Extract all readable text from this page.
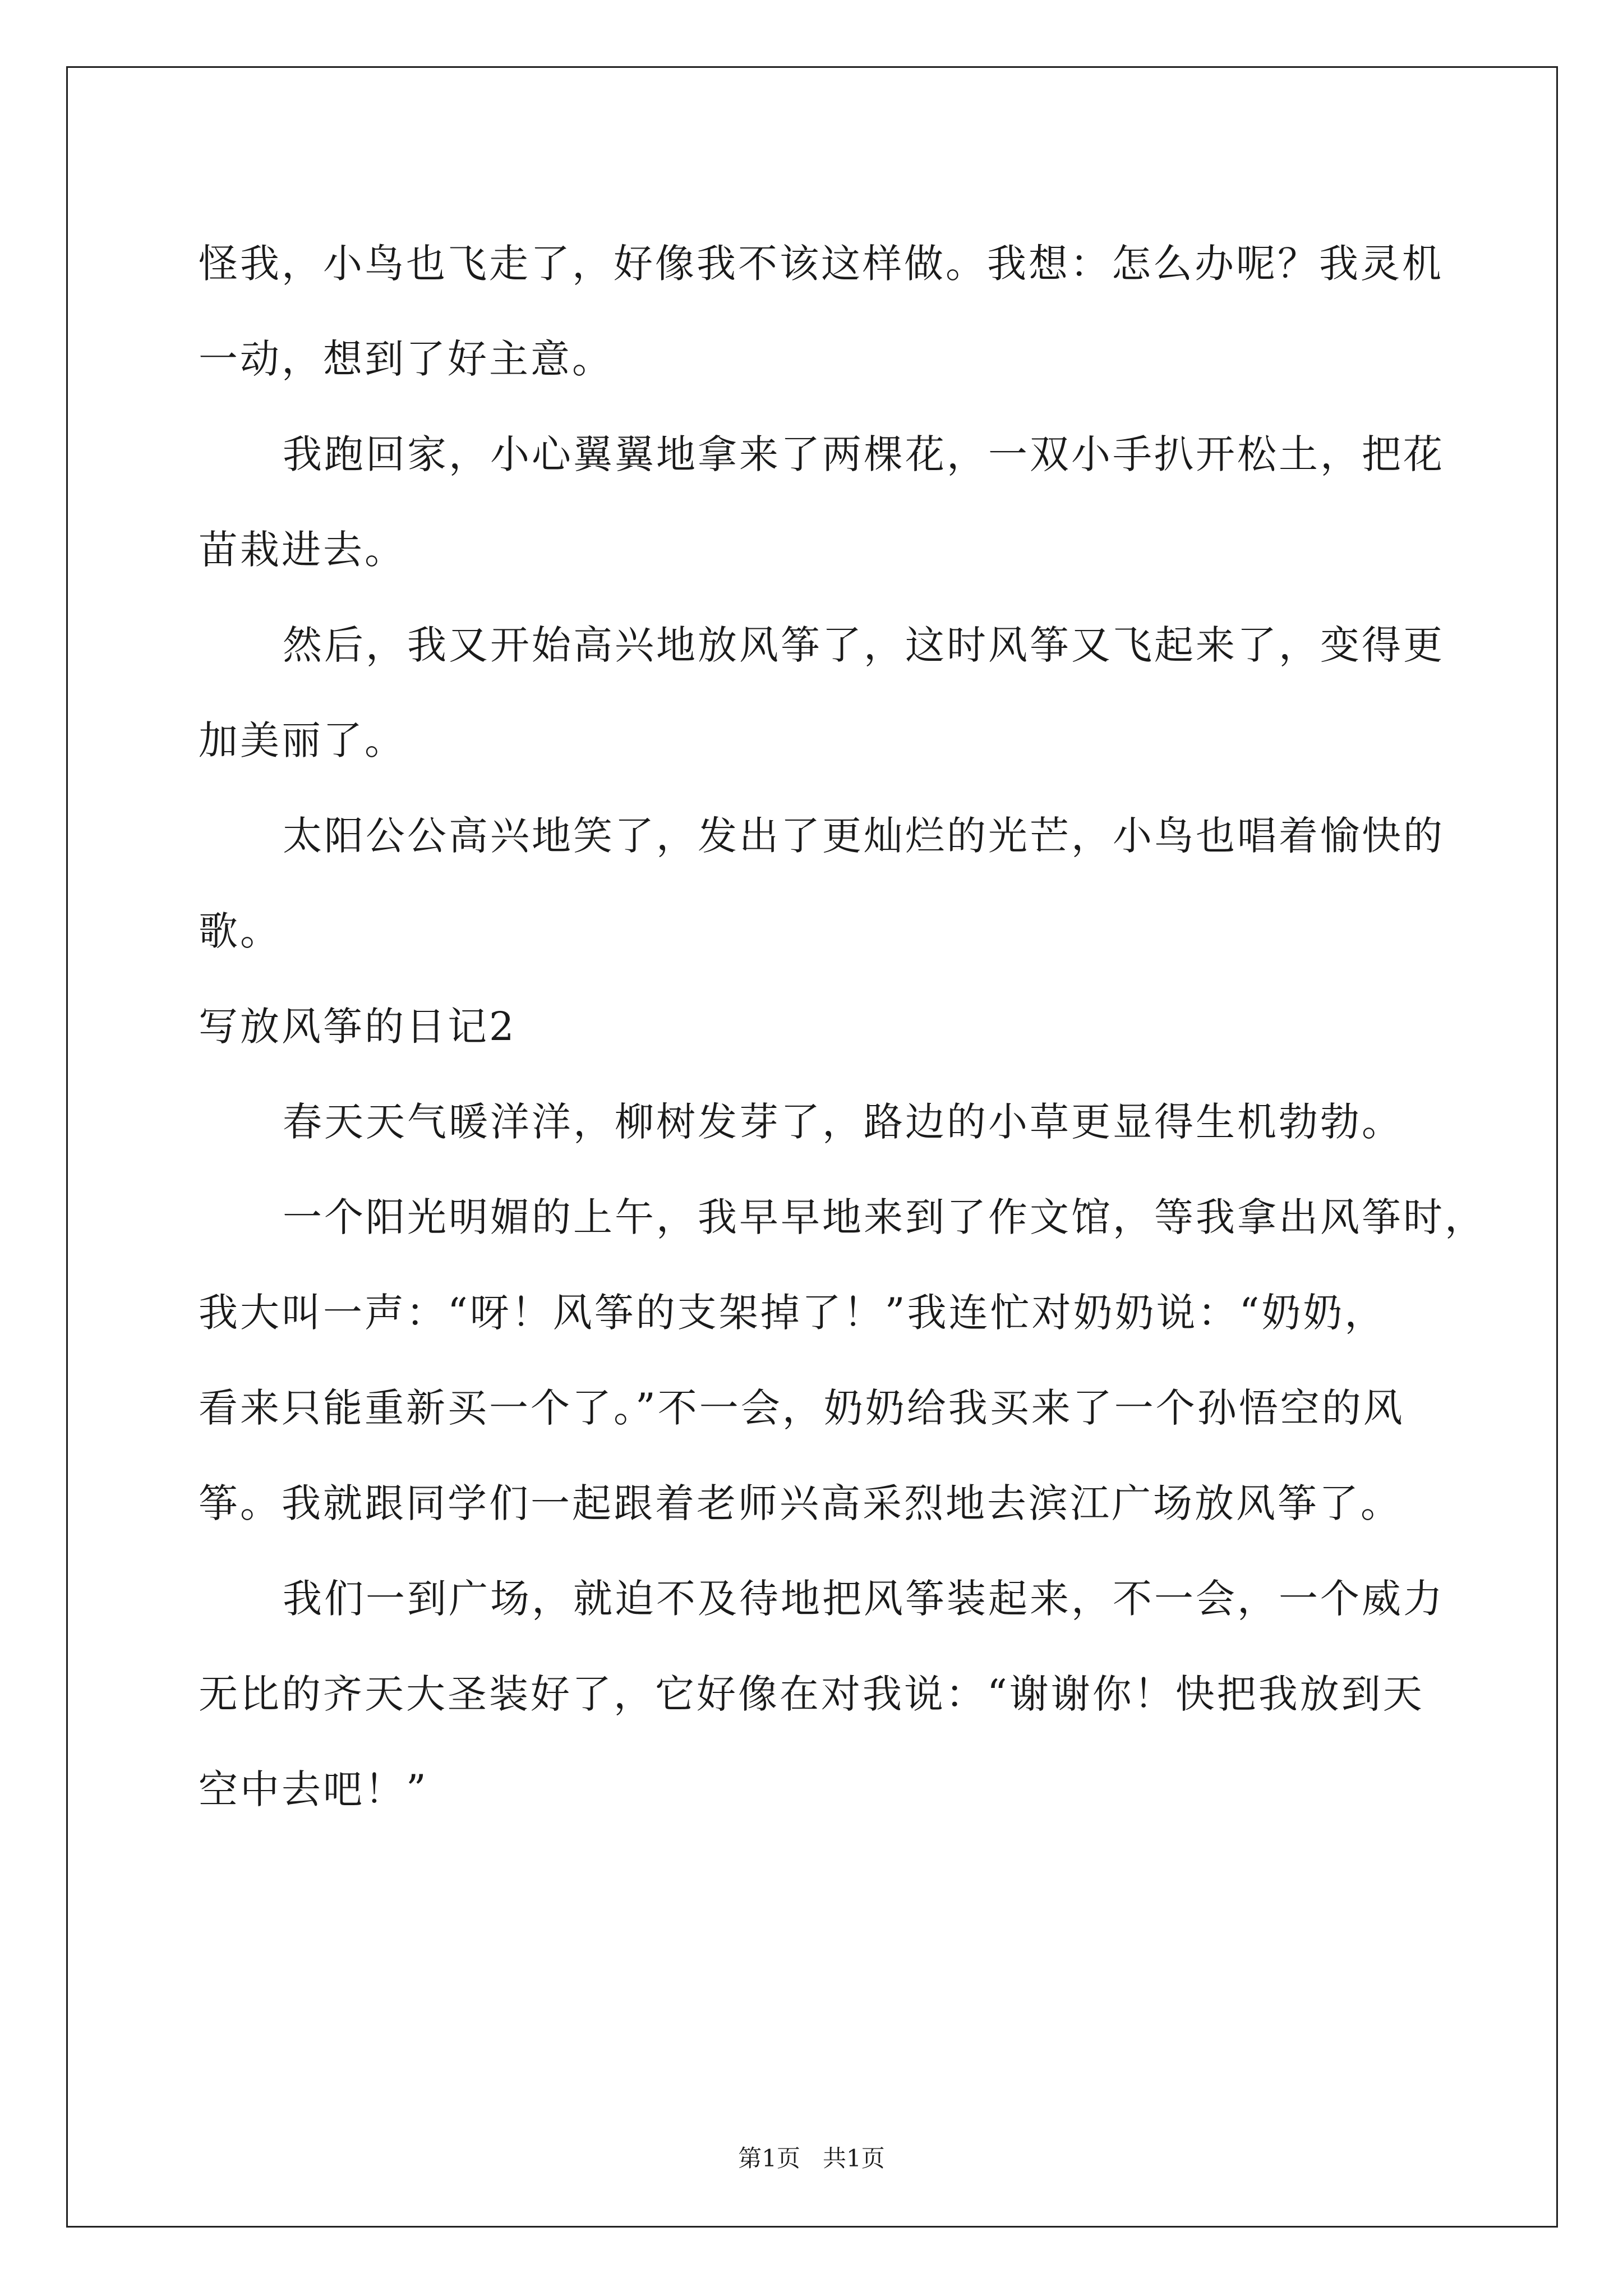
怪我，小鸟也飞走了，好像我不该这样做。我想：怎么办呢？我灵机
一动，想到了好主意。
我跑回家，小心翼翼地拿来了两棵花，一双小手扒开松土，把花
苗栽进去。
然后，我又开始高兴地放风筝了，这时风筝又飞起来了，变得更
加美丽了。
太阳公公高兴地笑了，发出了更灿烂的光芒，小鸟也唱着愉快的
歌。
写放风筝的日记2
春天天气暖洋洋，柳树发芽了，路边的小草更显得生机勃勃。
一个阳光明媚的上午，我早早地来到了作文馆，等我拿出风筝时，
我大叫一声：“呀！风筝的支架掉了！”我连忙对奶奶说：“奶奶，
看来只能重新买一个了。”不一会，奶奶给我买来了一个孙悟空的风
筝。我就跟同学们一起跟着老师兴高采烈地去滨江广场放风筝了。
我们一到广场，就迫不及待地把风筝装起来，不一会，一个威力
无比的齐天大圣装好了，它好像在对我说：“谢谢你！快把我放到天
空中去吧！”
第1页   共1页
